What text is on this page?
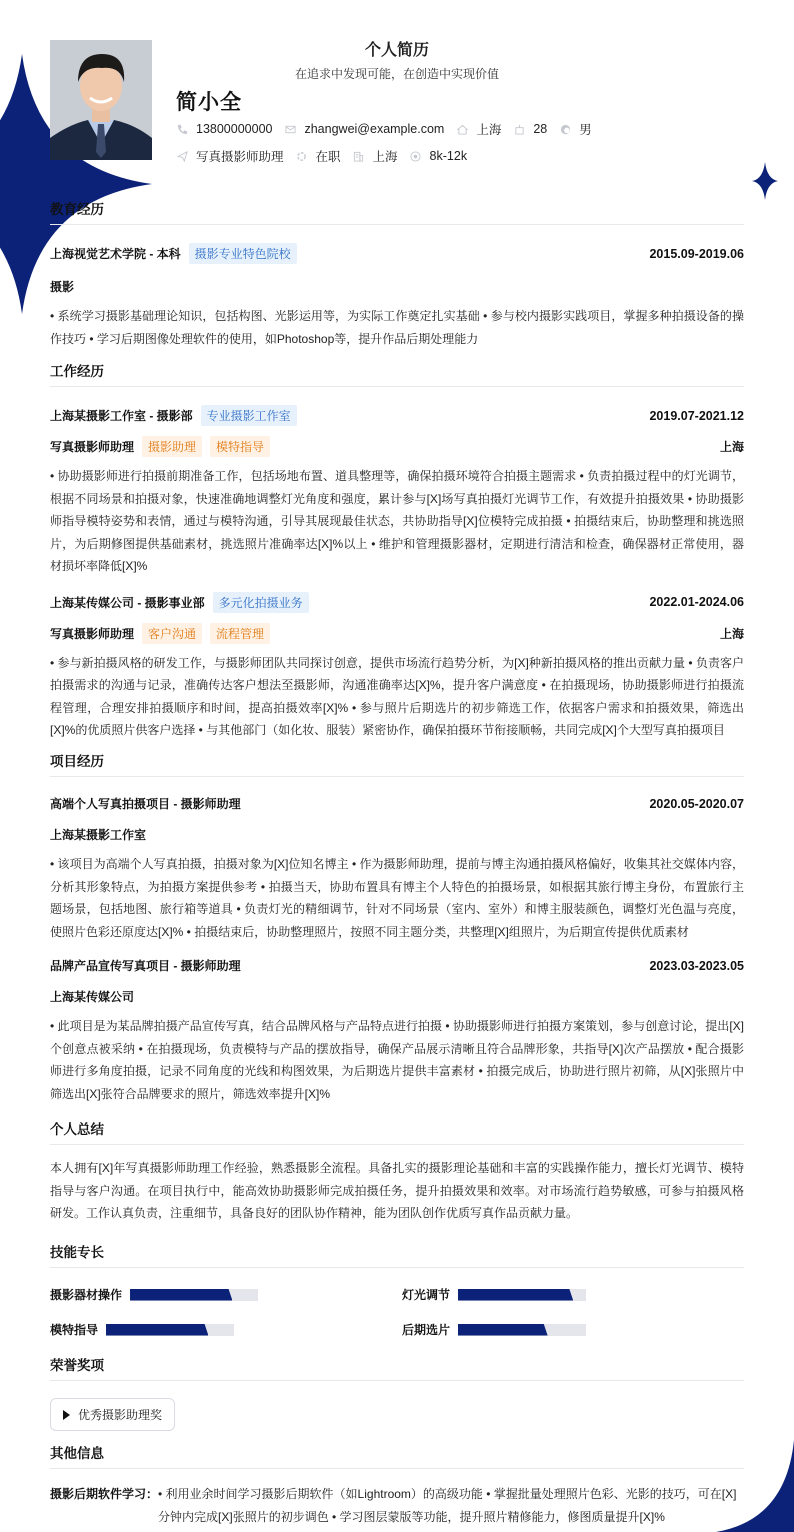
个人简历
在追求中发现可能，在创造中实现价值
简小全
13800000000	zhangwei@example.com	上海	28	男
写真摄影师助理	在职	上海	8k-12k
教育经历
上海视觉艺术学院 - 本科	摄影专业特色院校	2015.09-2019.06
摄影
• 系统学习摄影基础理论知识，包括构图、光影运用等，为实际工作奠定扎实基础 • 参与校内摄影实践项目，掌握多种拍摄设备的操作技巧 • 学习后期图像处理软件的使用，如Photoshop等，提升作品后期处理能力
工作经历
上海某摄影工作室 - 摄影部	专业摄影工作室	2019.07-2021.12
写真摄影师助理	摄影助理	模特指导	上海
• 协助摄影师进行拍摄前期准备工作，包括场地布置、道具整理等，确保拍摄环境符合拍摄主题需求 • 负责拍摄过程中的灯光调节，根据不同场景和拍摄对象，快速准确地调整灯光角度和强度，累计参与[X]场写真拍摄灯光调节工作，有效提升拍摄效果 • 协助摄影师指导模特姿势和表情，通过与模特沟通，引导其展现最佳状态，共协助指导[X]位模特完成拍摄 • 拍摄结束后，协助整理和挑选照片，为后期修图提供基础素材，挑选照片准确率达[X]%以上 • 维护和管理摄影器材，定期进行清洁和检查，确保器材正常使用，器材损坏率降低[X]%
上海某传媒公司 - 摄影事业部	多元化拍摄业务	2022.01-2024.06
写真摄影师助理	客户沟通	流程管理	上海
• 参与新拍摄风格的研发工作，与摄影师团队共同探讨创意，提供市场流行趋势分析，为[X]种新拍摄风格的推出贡献力量 • 负责客户拍摄需求的沟通与记录，准确传达客户想法至摄影师，沟通准确率达[X]%，提升客户满意度 • 在拍摄现场，协助摄影师进行拍摄流程管理，合理安排拍摄顺序和时间，提高拍摄效率[X]% • 参与照片后期选片的初步筛选工作，依据客户需求和拍摄效果，筛选出[X]%的优质照片供客户选择 • 与其他部门（如化妆、服装）紧密协作，确保拍摄环节衔接顺畅，共同完成[X]个大型写真拍摄项目
项目经历
高端个人写真拍摄项目 - 摄影师助理	2020.05-2020.07
上海某摄影工作室
• 该项目为高端个人写真拍摄，拍摄对象为[X]位知名博主 • 作为摄影师助理，提前与博主沟通拍摄风格偏好，收集其社交媒体内容，分析其形象特点，为拍摄方案提供参考 • 拍摄当天，协助布置具有博主个人特色的拍摄场景，如根据其旅行博主身份，布置旅行主题场景，包括地图、旅行箱等道具 • 负责灯光的精细调节，针对不同场景（室内、室外）和博主服装颜色，调整灯光色温与亮度，使照片色彩还原度达[X]% • 拍摄结束后，协助整理照片，按照不同主题分类，共整理[X]组照片，为后期宣传提供优质素材
品牌产品宣传写真项目 - 摄影师助理	2023.03-2023.05
上海某传媒公司
• 此项目是为某品牌拍摄产品宣传写真，结合品牌风格与产品特点进行拍摄 • 协助摄影师进行拍摄方案策划，参与创意讨论，提出[X]个创意点被采纳 • 在拍摄现场，负责模特与产品的摆放指导，确保产品展示清晰且符合品牌形象，共指导[X]次产品摆放 • 配合摄影师进行多角度拍摄，记录不同角度的光线和构图效果，为后期选片提供丰富素材 • 拍摄完成后，协助进行照片初筛，从[X]张照片中筛选出[X]张符合品牌要求的照片，筛选效率提升[X]%
个人总结
本人拥有[X]年写真摄影师助理工作经验，熟悉摄影全流程。具备扎实的摄影理论基础和丰富的实践操作能力，擅长灯光调节、模特指导与客户沟通。在项目执行中，能高效协助摄影师完成拍摄任务，提升拍摄效果和效率。对市场流行趋势敏感，可参与拍摄风格研发。工作认真负责，注重细节，具备良好的团队协作精神，能为团队创作优质写真作品贡献力量。
技能专长
摄影器材操作	灯光调节
模特指导	后期选片
荣誉奖项
优秀摄影助理奖
其他信息
摄影后期软件学习： • 利用业余时间学习摄影后期软件（如Lightroom）的高级功能 • 掌握批量处理照片色彩、光影的技巧，可在[X]分钟内完成[X]张照片的初步调色 • 学习图层蒙版等功能，提升照片精修能力，修图质量提升[X]%
